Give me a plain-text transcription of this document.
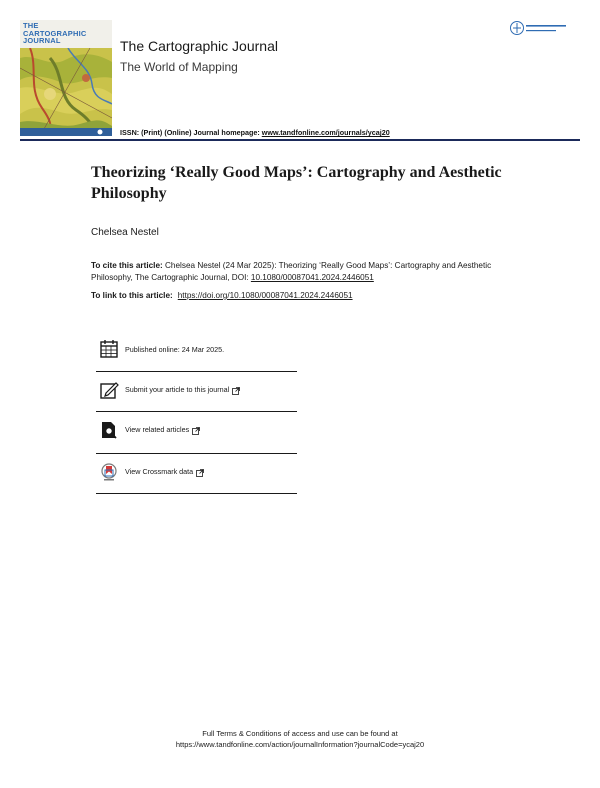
THE
CARTOGRAPHIC
JOURNAL	The Cartographic Journal
The World of Mapping
ISSN: (Print) (Online) Journal homepage: www.tandfonline.com/journals/ycaj20
Theorizing ‘Really Good Maps’: Cartography and Aesthetic Philosophy
Chelsea Nestel
To cite this article: Chelsea Nestel (24 Mar 2025): Theorizing ‘Really Good Maps’: Cartography and Aesthetic Philosophy, The Cartographic Journal, DOI: 10.1080/00087041.2024.2446051
To link to this article: https://doi.org/10.1080/00087041.2024.2446051
Published online: 24 Mar 2025.
Submit your article to this journal
View related articles
View Crossmark data
Full Terms & Conditions of access and use can be found at
https://www.tandfonline.com/action/journalInformation?journalCode=ycaj20
